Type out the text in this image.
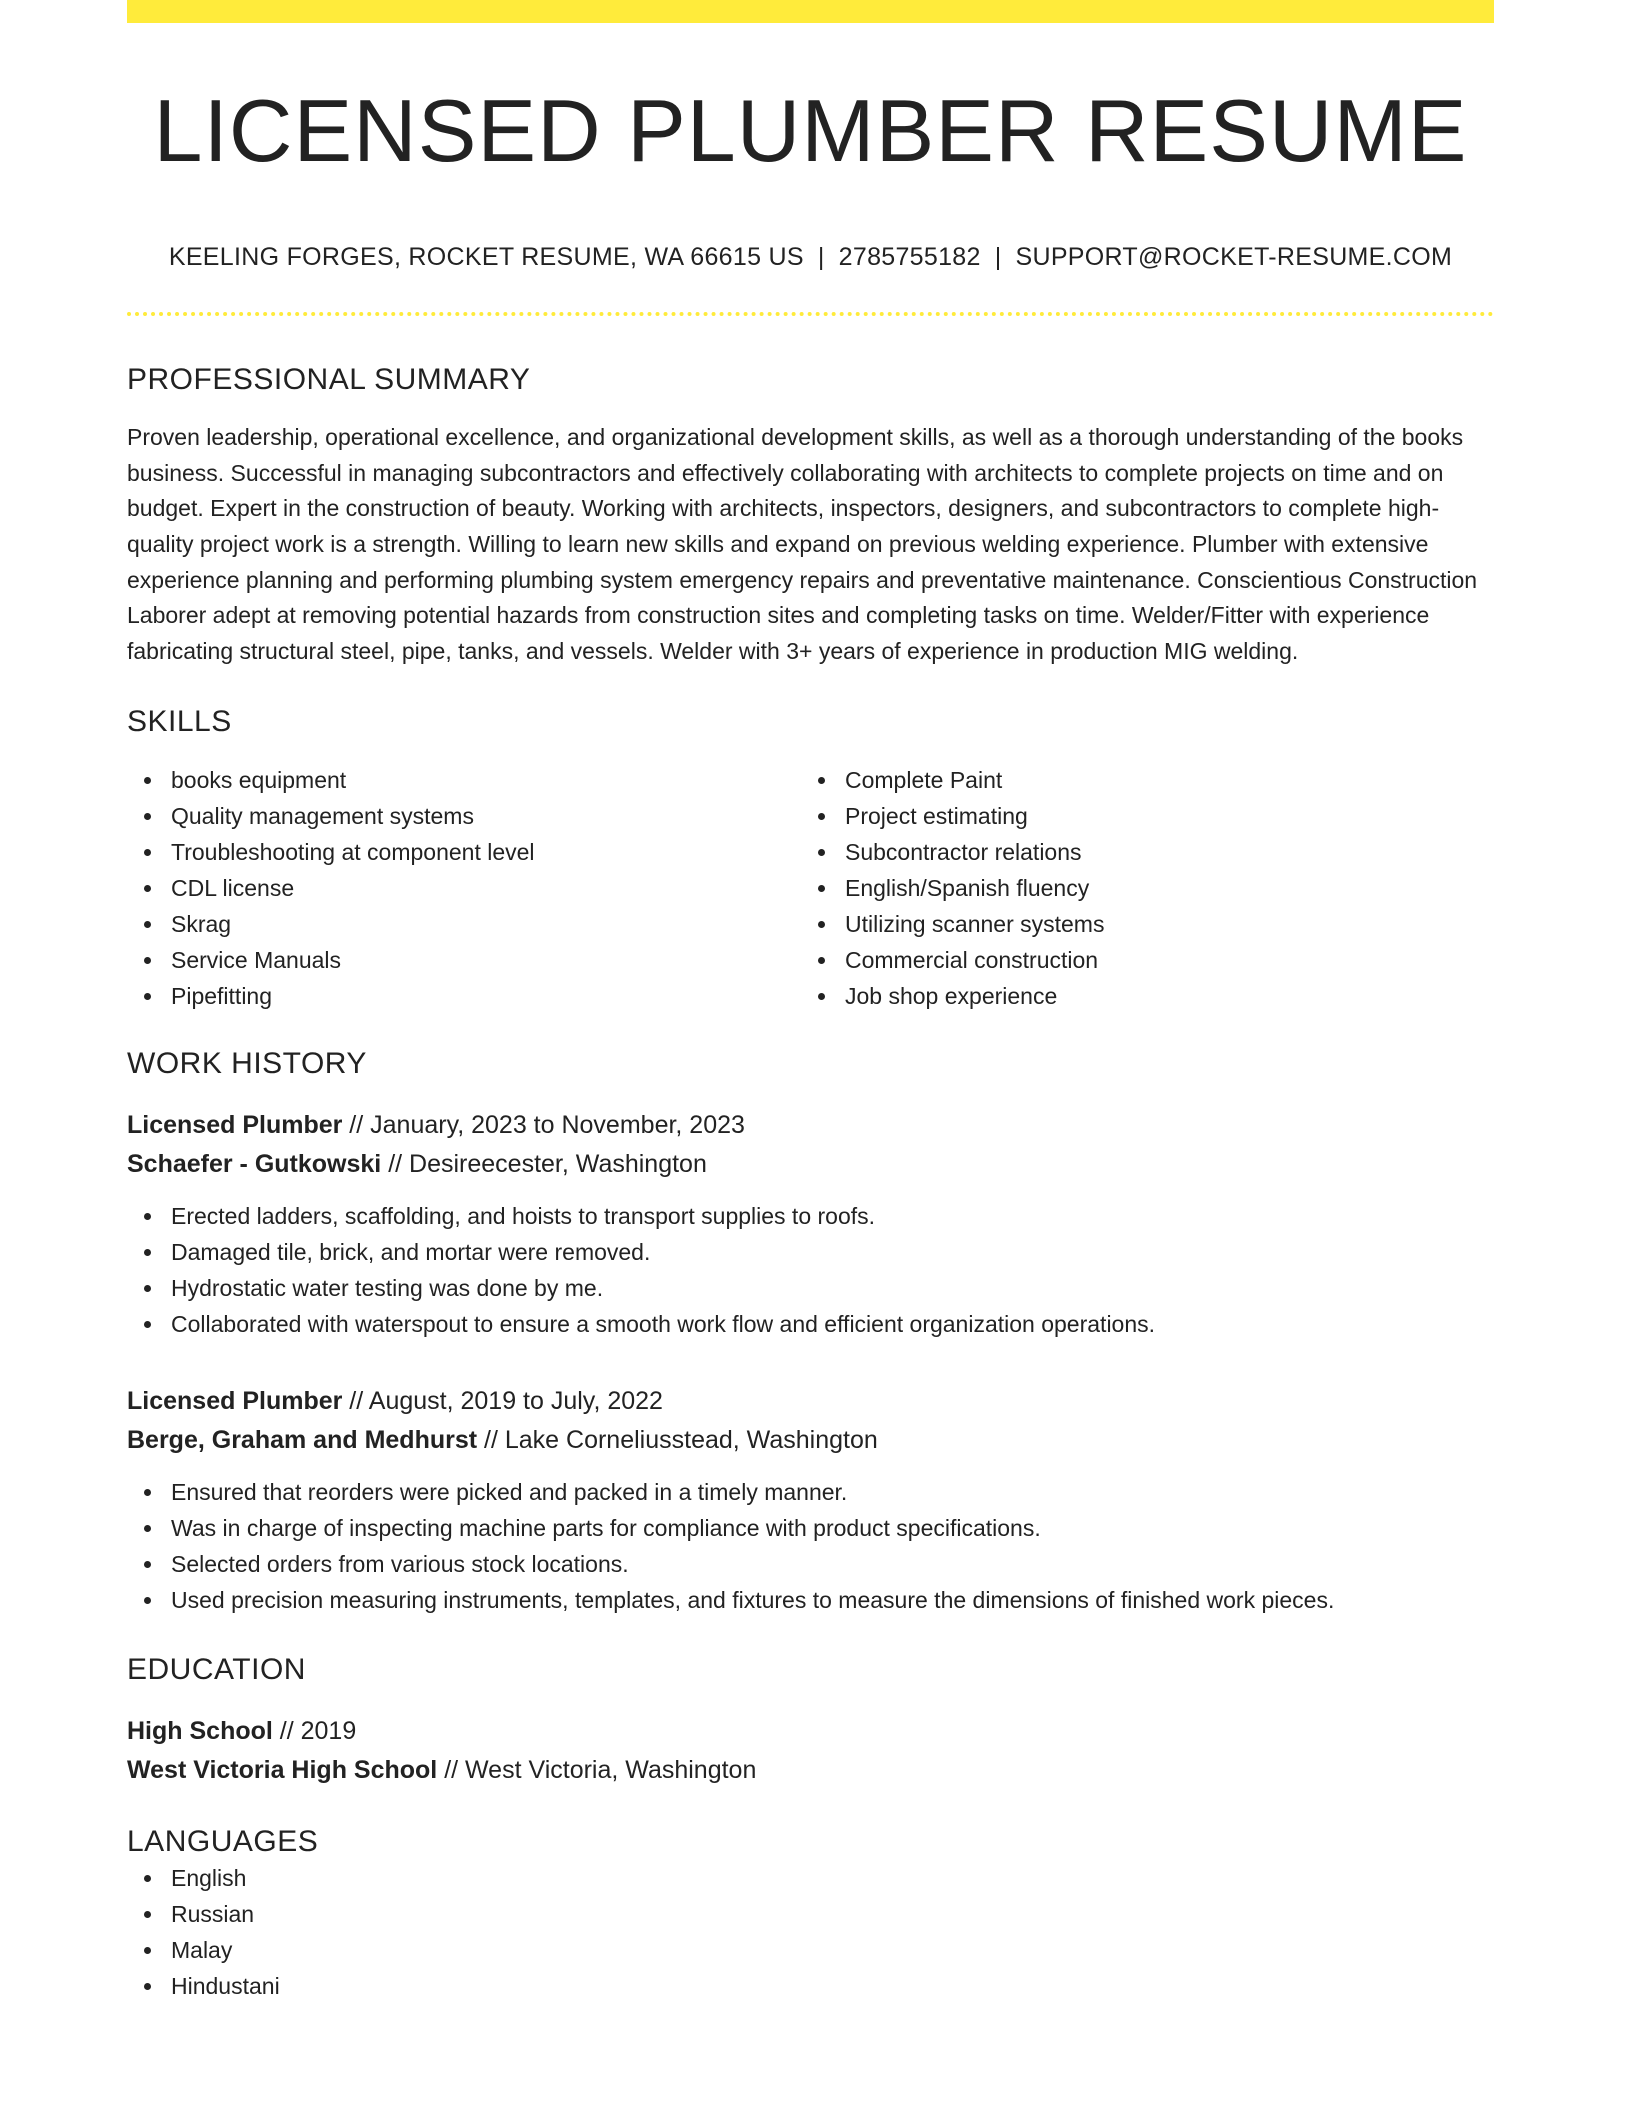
LICENSED PLUMBER RESUME
KEELING FORGES, ROCKET RESUME, WA 66615 US | 2785755182 | SUPPORT@ROCKET-RESUME.COM
PROFESSIONAL SUMMARY

Proven leadership, operational excellence, and organizational development skills, as well as a thorough understanding of the books business. Successful in managing subcontractors and effectively collaborating with architects to complete projects on time and on budget. Expert in the construction of beauty. Working with architects, inspectors, designers, and subcontractors to complete high-quality project work is a strength. Willing to learn new skills and expand on previous welding experience. Plumber with extensive experience planning and performing plumbing system emergency repairs and preventative maintenance. Conscientious Construction Laborer adept at removing potential hazards from construction sites and completing tasks on time. Welder/Fitter with experience fabricating structural steel, pipe, tanks, and vessels. Welder with 3+ years of experience in production MIG welding.

SKILLS
books equipment
Quality management systems
Troubleshooting at component level
CDL license
Skrag
Service Manuals
Pipefitting
Complete Paint
Project estimating
Subcontractor relations
English/Spanish fluency
Utilizing scanner systems
Commercial construction
Job shop experience
WORK HISTORY
Licensed Plumber // January, 2023 to November, 2023
Schaefer - Gutkowski // Desireecester, Washington
Erected ladders, scaffolding, and hoists to transport supplies to roofs.
Damaged tile, brick, and mortar were removed.
Hydrostatic water testing was done by me.
Collaborated with waterspout to ensure a smooth work flow and efficient organization operations.
Licensed Plumber // August, 2019 to July, 2022
Berge, Graham and Medhurst // Lake Corneliusstead, Washington
Ensured that reorders were picked and packed in a timely manner.
Was in charge of inspecting machine parts for compliance with product specifications.
Selected orders from various stock locations.
Used precision measuring instruments, templates, and fixtures to measure the dimensions of finished work pieces.
EDUCATION
High School // 2019
West Victoria High School // West Victoria, Washington
LANGUAGES
English
Russian
Malay
Hindustani
